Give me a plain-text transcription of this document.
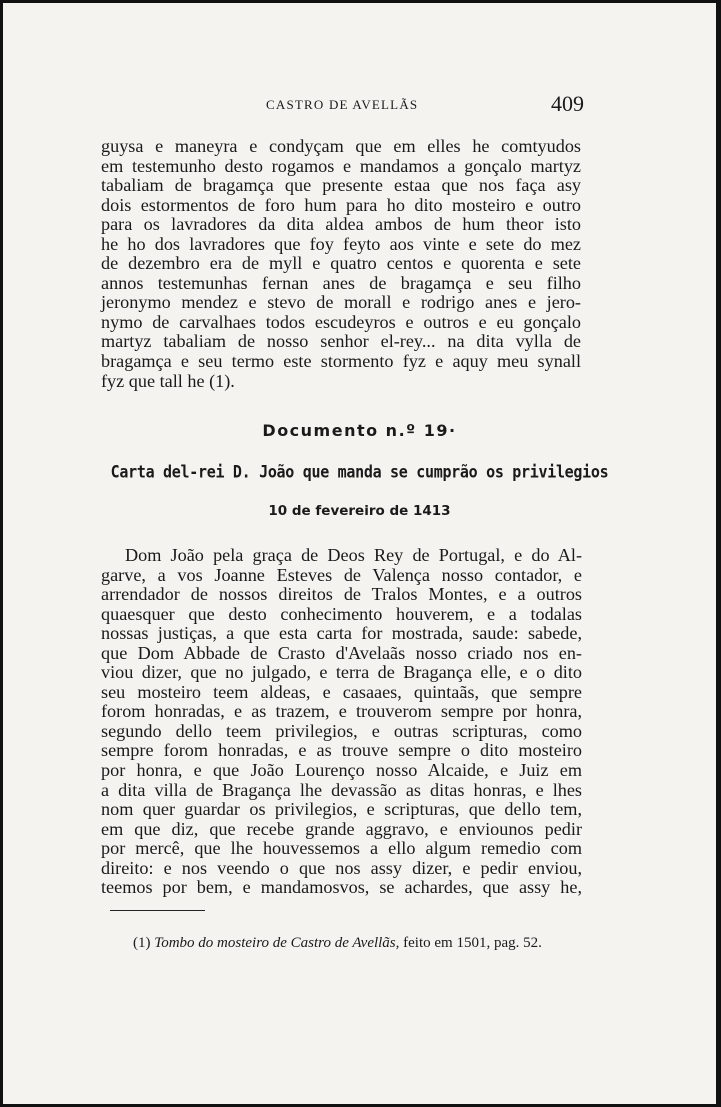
CASTRO DE AVELLÃS	409
guysa e maneyra e condyçam que em elles he comtyudos
em testemunho desto rogamos e mandamos a gonçalo martyz
tabaliam de bragamça que presente estaa que nos faça asy
dois estormentos de foro hum para ho dito mosteiro e outro
para os lavradores da dita aldea ambos de hum theor isto
he ho dos lavradores que foy feyto aos vinte e sete do mez
de dezembro era de myll e quatro centos e quorenta e sete
annos testemunhas fernan anes de bragamça e seu filho
jeronymo mendez e stevo de morall e rodrigo anes e jero-
nymo de carvalhaes todos escudeyros e outros e eu gonçalo
martyz tabaliam de nosso senhor el-rey... na dita vylla de
bragamça e seu termo este stormento fyz e aquy meu synall
fyz que tall he (1).
Documento n.º 19·
Carta del-rei D. João que manda se cumprão os privilegios
10 de fevereiro de 1413
Dom João pela graça de Deos Rey de Portugal, e do Al-
garve, a vos Joanne Esteves de Valença nosso contador, e
arrendador de nossos direitos de Tralos Montes, e a outros
quaesquer que desto conhecimento houverem, e a todalas
nossas justiças, a que esta carta for mostrada, saude: sabede,
que Dom Abbade de Crasto d'Avelaãs nosso criado nos en-
viou dizer, que no julgado, e terra de Bragança elle, e o dito
seu mosteiro teem aldeas, e casaaes, quintaãs, que sempre
forom honradas, e as trazem, e trouverom sempre por honra,
segundo dello teem privilegios, e outras scripturas, como
sempre forom honradas, e as trouve sempre o dito mosteiro
por honra, e que João Lourenço nosso Alcaide, e Juiz em
a dita villa de Bragança lhe devassão as ditas honras, e lhes
nom quer guardar os privilegios, e scripturas, que dello tem,
em que diz, que recebe grande aggravo, e enviounos pedir
por mercê, que lhe houvessemos a ello algum remedio com
direito: e nos veendo o que nos assy dizer, e pedir enviou,
teemos por bem, e mandamosvos, se achardes, que assy he,
(1) Tombo do mosteiro de Castro de Avellãs, feito em 1501, pag. 52.
